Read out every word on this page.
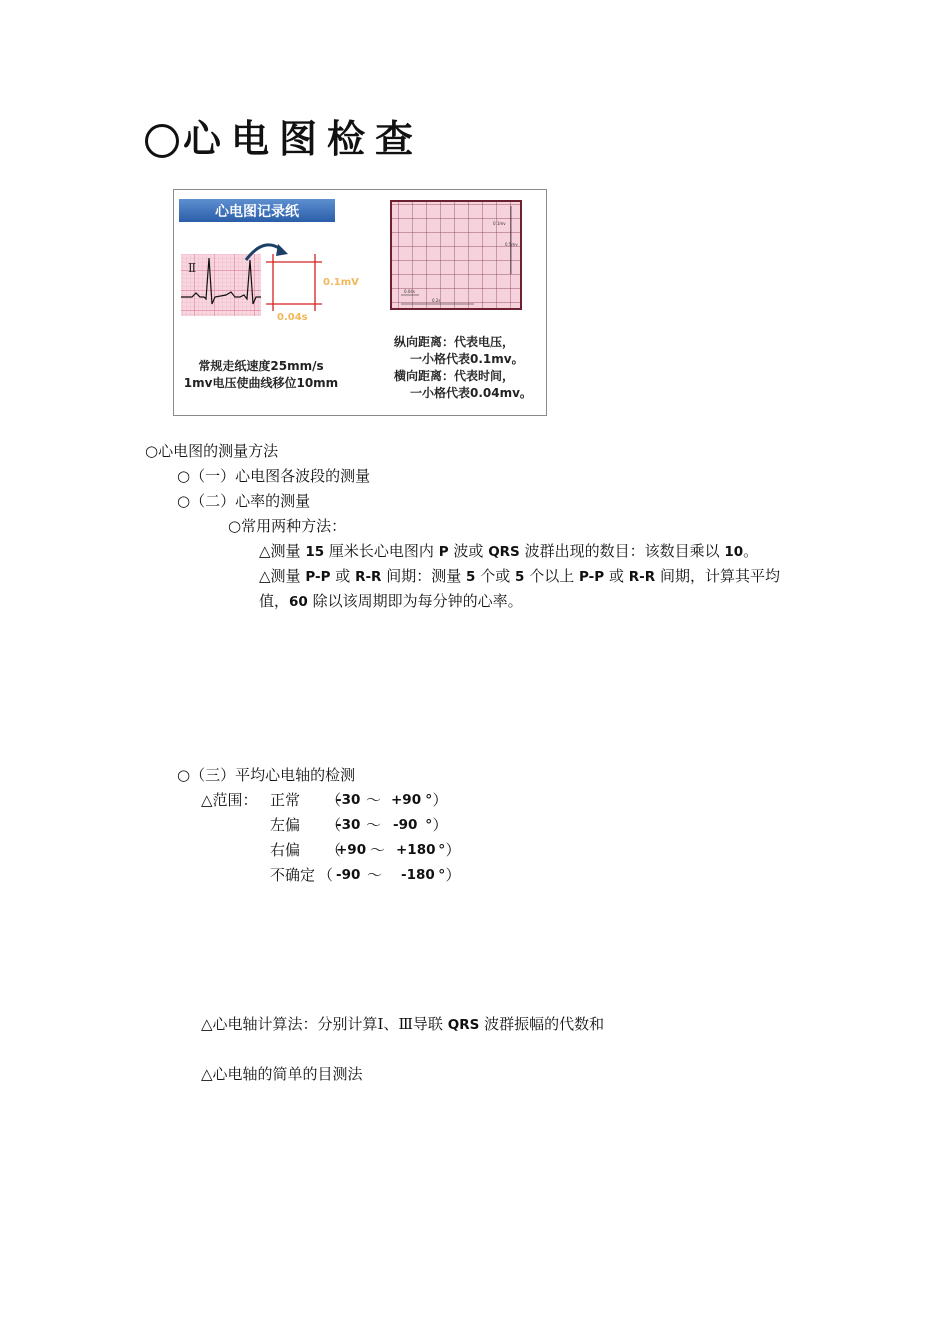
心电图检查
心电图记录纸
Ⅱ
0.1mV
0.04s
常规走纸速度25mm/s
1mv电压使曲线移位10mm
0.1mv
0.5mv
0.2s
0.04s
纵向距离：代表电压，
一小格代表0.1mv。
横向距离：代表时间，
一小格代表0.04mv。
○心电图的测量方法
○（一）心电图各波段的测量
○（二）心率的测量
○常用两种方法：
△测量 15 厘米长心电图内 P 波或 QRS 波群出现的数目：该数目乘以 10。
△测量 P-P 或 R-R 间期：测量 5 个或 5 个以上 P-P 或 R-R 间期，计算其平均
值，60 除以该周期即为每分钟的心率。
○（三）平均心电轴的检测
△范围： 正常
左偏
右偏
不确定
（
-30 ～ +90 °）
（
-30 ～ -90 °）
（
+90 ～ +180 °）
（ -90 ～ -180 °）
△心电轴计算法：分别计算Ⅰ、Ⅲ导联 QRS 波群振幅的代数和
△心电轴的简单的目测法
